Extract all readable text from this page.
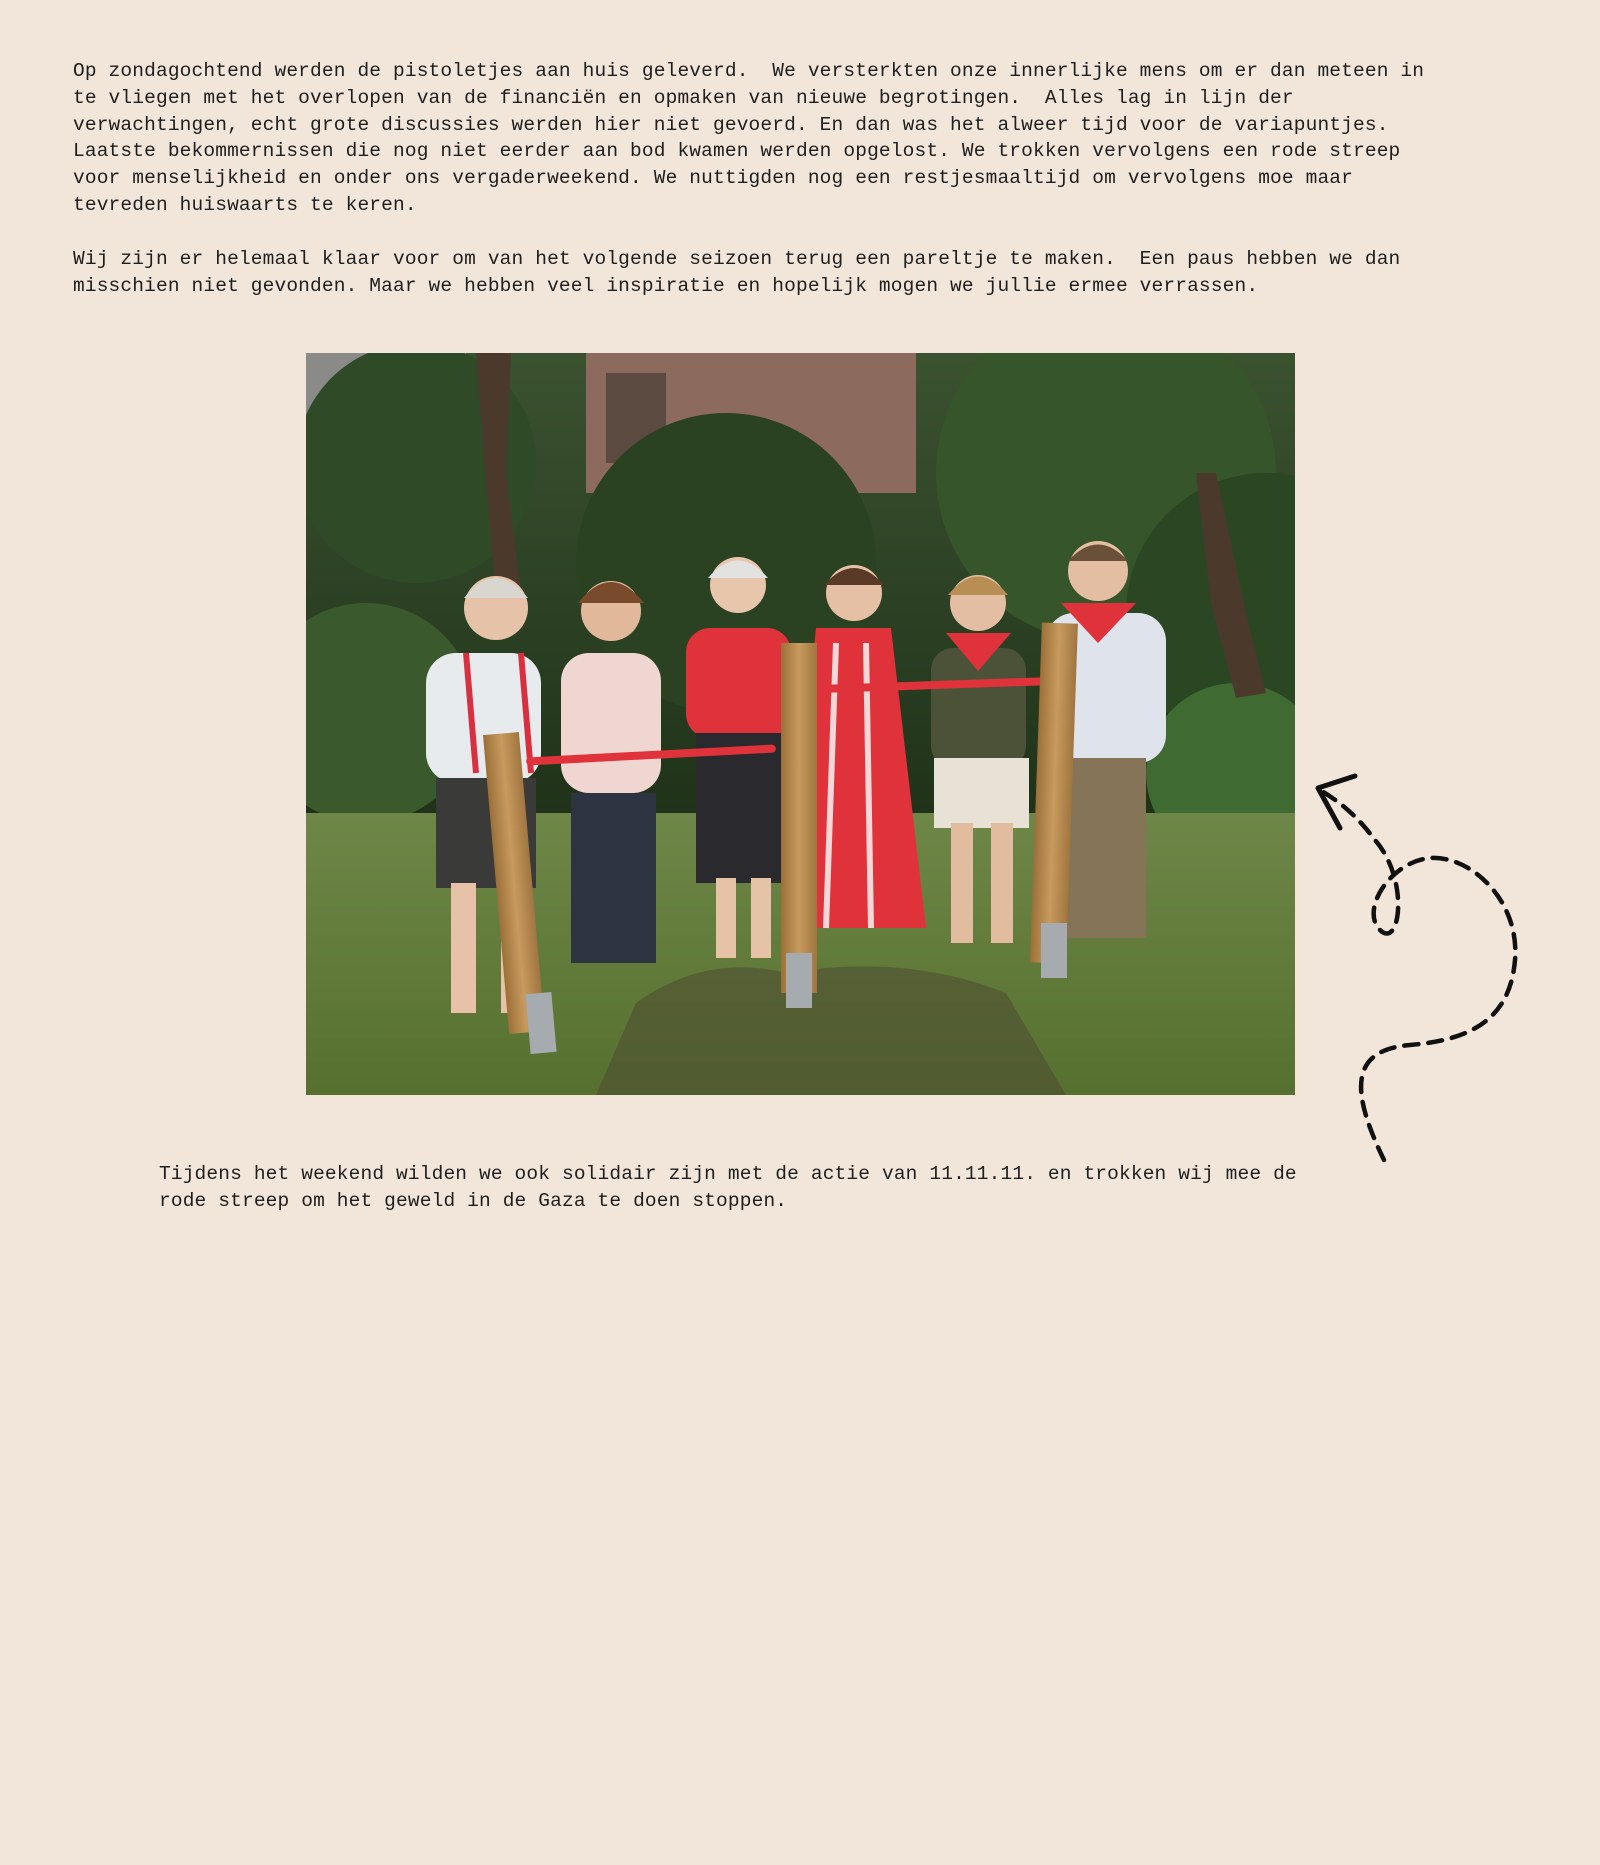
Op zondagochtend werden de pistoletjes aan huis geleverd.  We versterkten onze innerlijke mens om er dan meteen in
te vliegen met het overlopen van de financiën en opmaken van nieuwe begrotingen.  Alles lag in lijn der
verwachtingen, echt grote discussies werden hier niet gevoerd. En dan was het alweer tijd voor de variapuntjes.
Laatste bekommernissen die nog niet eerder aan bod kwamen werden opgelost. We trokken vervolgens een rode streep
voor menselijkheid en onder ons vergaderweekend. We nuttigden nog een restjesmaaltijd om vervolgens moe maar
tevreden huiswaarts te keren.

Wij zijn er helemaal klaar voor om van het volgende seizoen terug een pareltje te maken.  Een paus hebben we dan
misschien niet gevonden. Maar we hebben veel inspiratie en hopelijk mogen we jullie ermee verrassen.

Tijdens het weekend wilden we ook solidair zijn met de actie van 11.11.11. en trokken wij mee de
rode streep om het geweld in de Gaza te doen stoppen.
